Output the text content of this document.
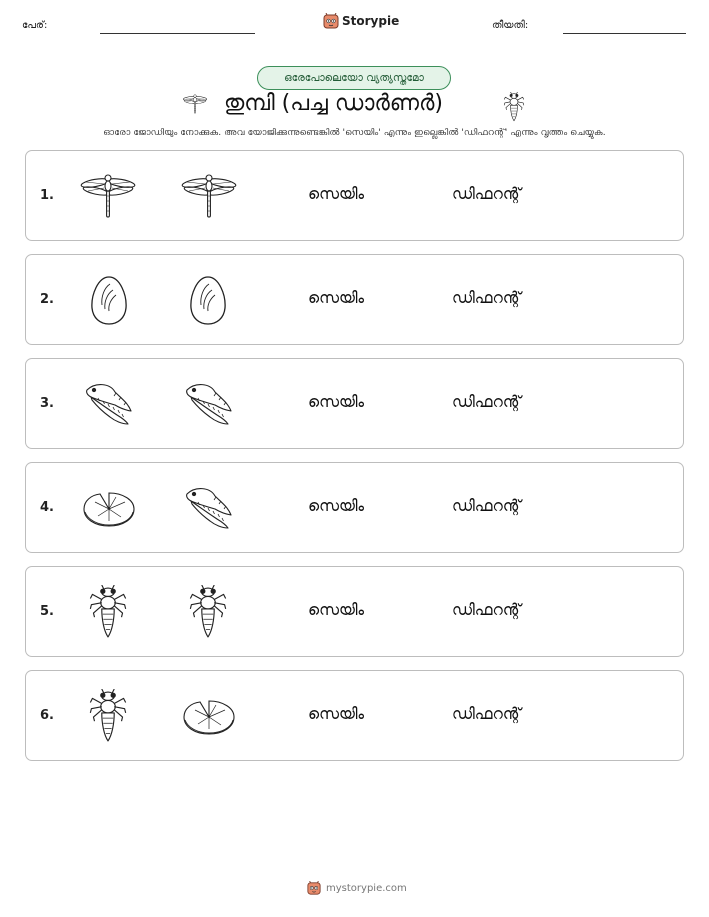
പേര്:	Storypie	തീയതി:
ഒരേപോലെയോ വ്യത്യസ്തമോ
തുമ്പി (പച്ച ഡാർണർ)
ഓരോ ജോഡിയും നോക്കുക. അവ യോജിക്കുന്നുണ്ടെങ്കിൽ 'സെയിം' എന്നും ഇല്ലെങ്കിൽ 'ഡിഫറന്റ്' എന്നും വൃത്തം ചെയ്യുക.
1.	സെയിം	ഡിഫറന്റ്
2.	സെയിം	ഡിഫറന്റ്
3.	സെയിം	ഡിഫറന്റ്
4.	സെയിം	ഡിഫറന്റ്
5.	സെയിം	ഡിഫറന്റ്
6.	സെയിം	ഡിഫറന്റ്
mystorypie.com
